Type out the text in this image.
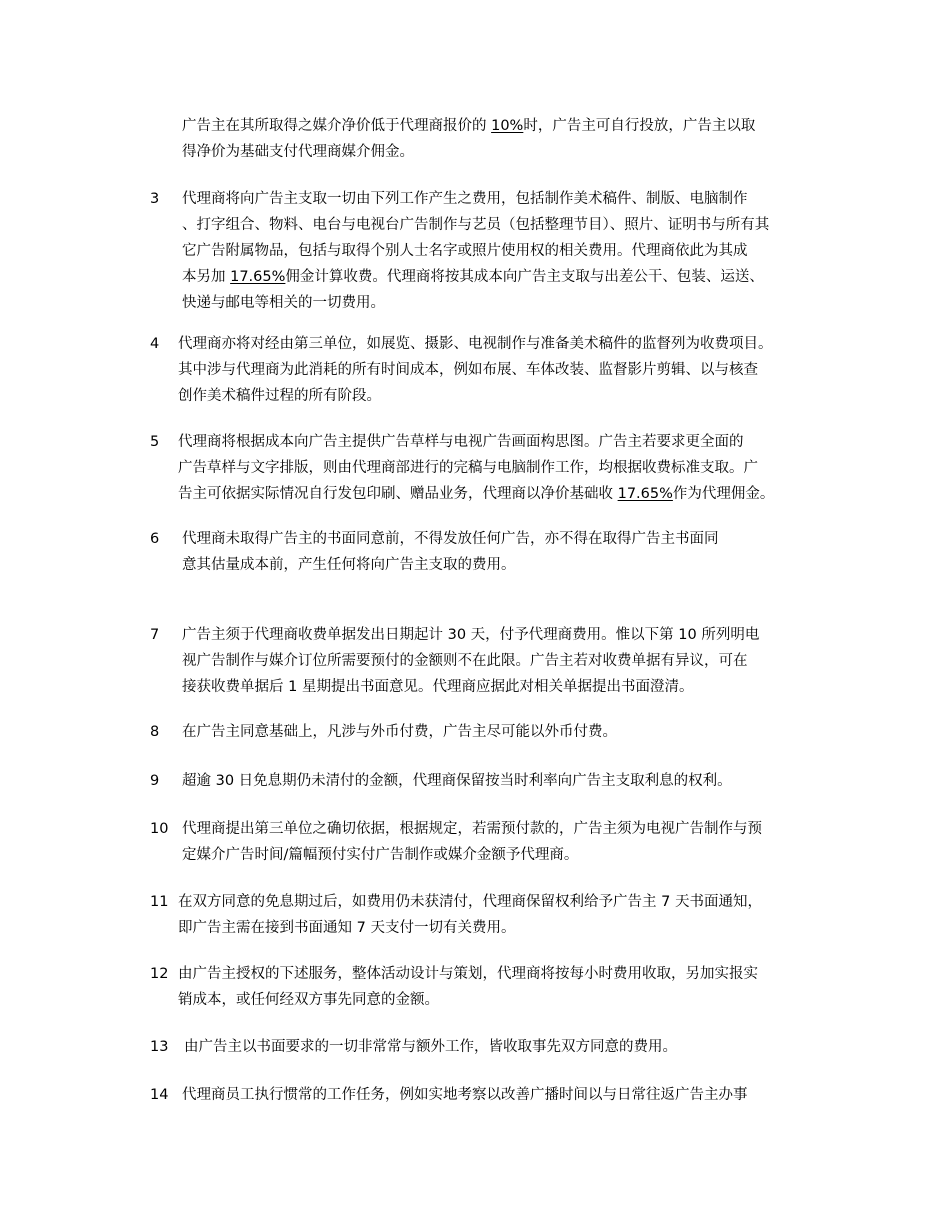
广告主在其所取得之媒介净价低于代理商报价的 10%时，广告主可自行投放，广告主以取
得净价为基础支付代理商媒介佣金。
3 代理商将向广告主支取一切由下列工作产生之费用，包括制作美术稿件、制版、电脑制作
、打字组合、物料、电台与电视台广告制作与艺员（包括整理节目）、照片、证明书与所有其
它广告附属物品，包括与取得个别人士名字或照片使用权的相关费用。代理商依此为其成
本另加 17.65%佣金计算收费。代理商将按其成本向广告主支取与出差公干、包装、运送、
快递与邮电等相关的一切费用。
4 代理商亦将对经由第三单位，如展览、摄影、电视制作与准备美术稿件的监督列为收费项目。
其中涉与代理商为此消耗的所有时间成本，例如布展、车体改装、监督影片剪辑、以与核查
创作美术稿件过程的所有阶段。
5 代理商将根据成本向广告主提供广告草样与电视广告画面构思图。广告主若要求更全面的
广告草样与文字排版，则由代理商部进行的完稿与电脑制作工作，均根据收费标准支取。广
告主可依据实际情况自行发包印刷、赠品业务，代理商以净价基础收 17.65%作为代理佣金。
6 代理商未取得广告主的书面同意前，不得发放任何广告，亦不得在取得广告主书面同
意其估量成本前，产生任何将向广告主支取的费用。
7 广告主须于代理商收费单据发出日期起计 30 天，付予代理商费用。惟以下第 10 所列明电
视广告制作与媒介订位所需要预付的金额则不在此限。广告主若对收费单据有异议，可在
接获收费单据后 1 星期提出书面意见。代理商应据此对相关单据提出书面澄清。
8 在广告主同意基础上，凡涉与外币付费，广告主尽可能以外币付费。
9 超逾 30 日免息期仍未清付的金额，代理商保留按当时利率向广告主支取利息的权利。
10 代理商提出第三单位之确切依据，根据规定，若需预付款的，广告主须为电视广告制作与预
定媒介广告时间/篇幅预付实付广告制作或媒介金额予代理商。
11 在双方同意的免息期过后，如费用仍未获清付，代理商保留权利给予广告主 7 天书面通知，
即广告主需在接到书面通知 7 天支付一切有关费用。
12 由广告主授权的下述服务，整体活动设计与策划，代理商将按每小时费用收取，另加实报实
销成本，或任何经双方事先同意的金额。
13 由广告主以书面要求的一切非常常与额外工作，皆收取事先双方同意的费用。
14 代理商员工执行惯常的工作任务，例如实地考察以改善广播时间以与日常往返广告主办事
